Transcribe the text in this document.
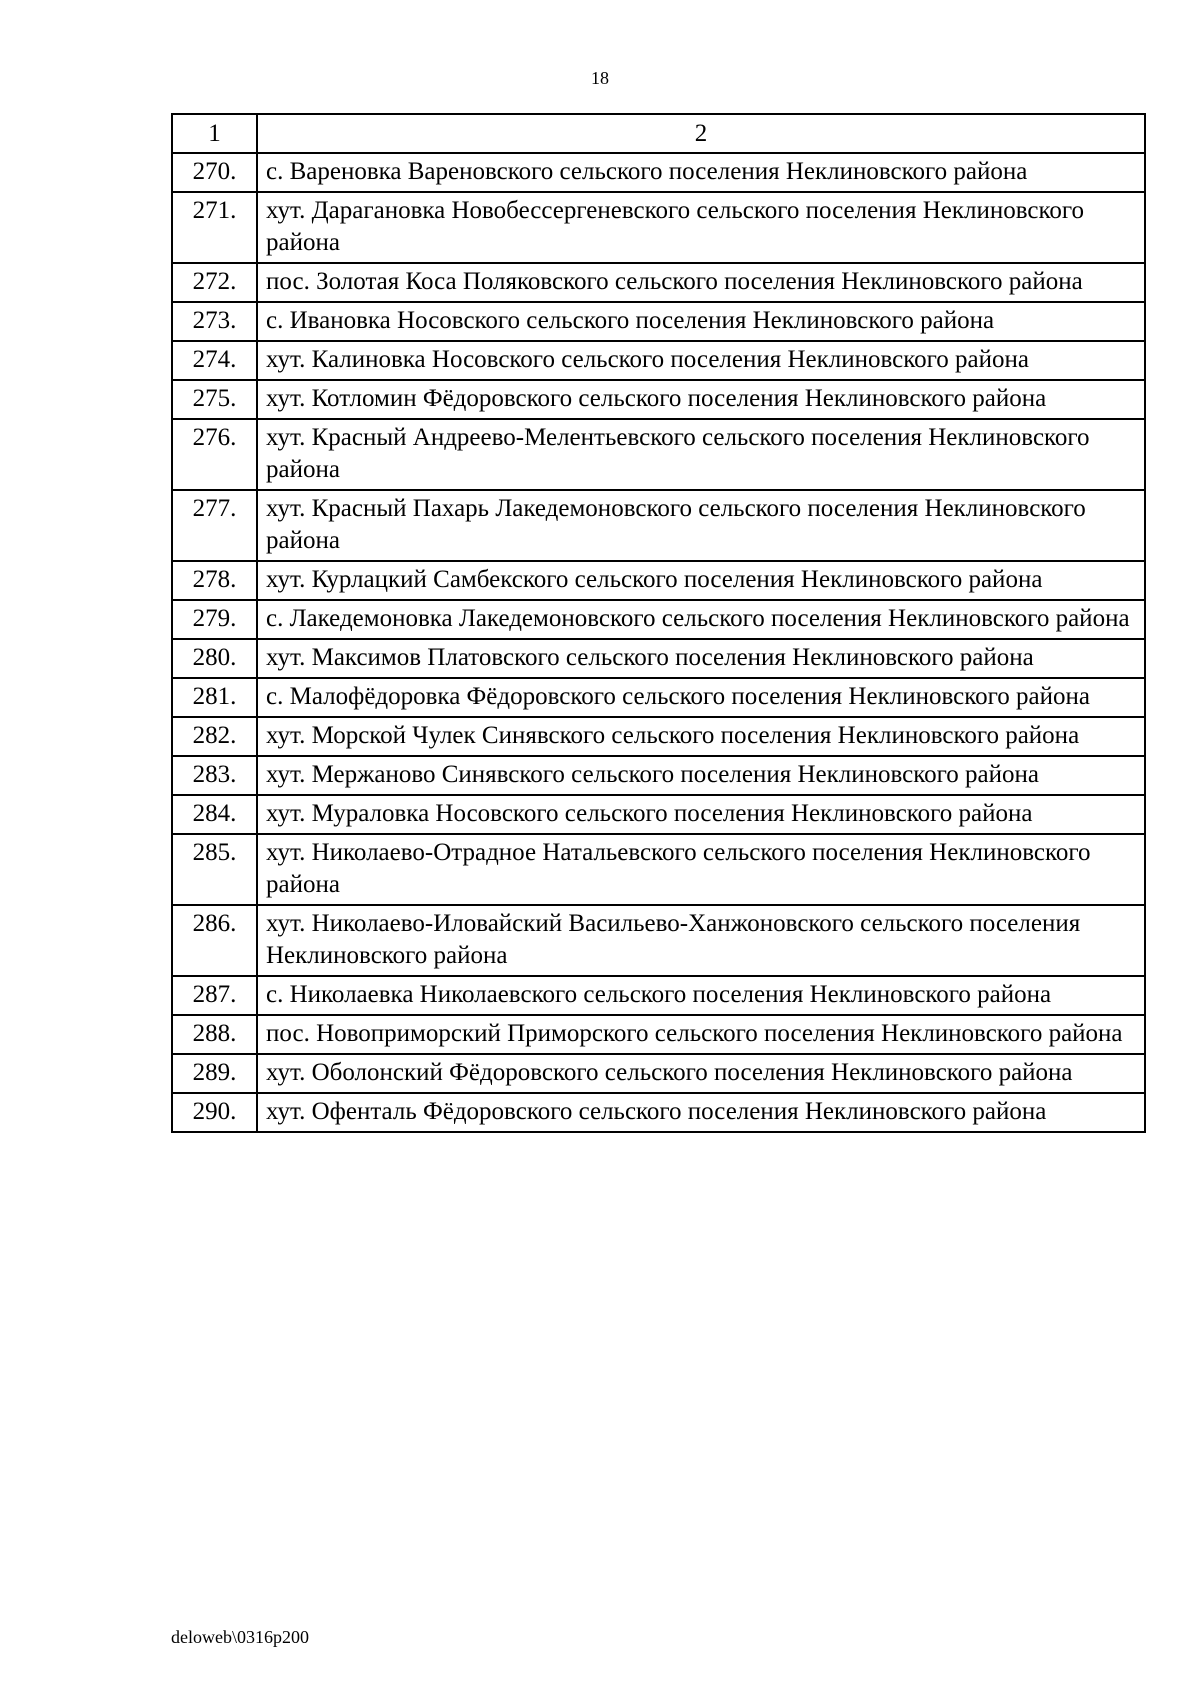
18
1	2
270.	с. Вареновка Вареновского сельского поселения Неклиновского района
271.	хут. Дарагановка Новобессергеневского сельского поселения Неклиновского района
272.	пос. Золотая Коса Поляковского сельского поселения Неклиновского района
273.	с. Ивановка Носовского сельского поселения Неклиновского района
274.	хут. Калиновка Носовского сельского поселения Неклиновского района
275.	хут. Котломин Фёдоровского сельского поселения Неклиновского района
276.	хут. Красный Андреево-Мелентьевского сельского поселения Неклиновского района
277.	хут. Красный Пахарь Лакедемоновского сельского поселения Неклиновского района
278.	хут. Курлацкий Самбекского сельского поселения Неклиновского района
279.	с. Лакедемоновка Лакедемоновского сельского поселения Неклиновского района
280.	хут. Максимов Платовского сельского поселения Неклиновского района
281.	с. Малофёдоровка Фёдоровского сельского поселения Неклиновского района
282.	хут. Морской Чулек Синявского сельского поселения Неклиновского района
283.	хут. Мержаново Синявского сельского поселения Неклиновского района
284.	хут. Мураловка Носовского сельского поселения Неклиновского района
285.	хут. Николаево-Отрадное Натальевского сельского поселения Неклиновского района
286.	хут. Николаево-Иловайский Васильево-Ханжоновского сельского поселения Неклиновского района
287.	с. Николаевка Николаевского сельского поселения Неклиновского района
288.	пос. Новоприморский Приморского сельского поселения Неклиновского района
289.	хут. Оболонский Фёдоровского сельского поселения Неклиновского района
290.	хут. Офенталь Фёдоровского сельского поселения Неклиновского района
deloweb\0316p200
